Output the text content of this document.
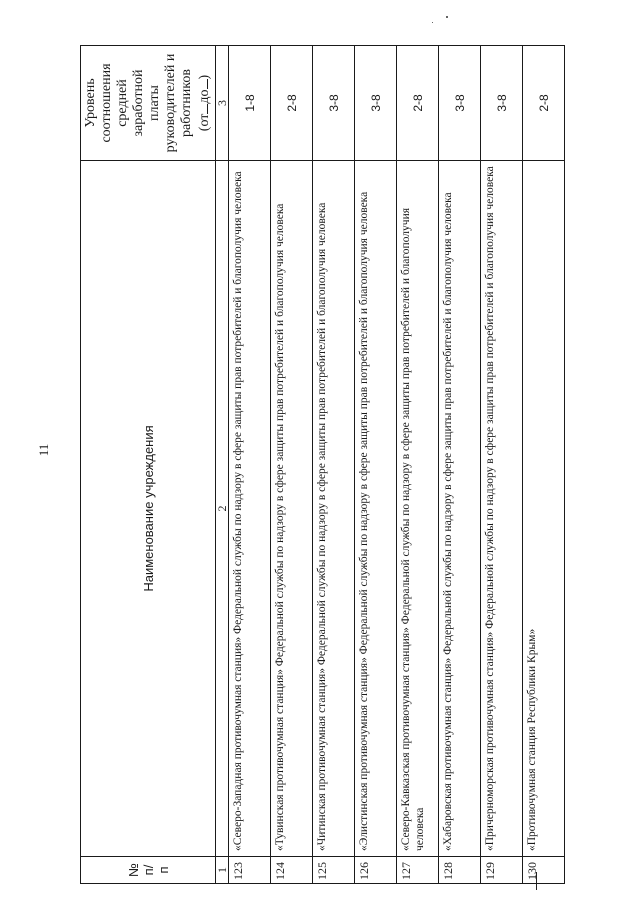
11
№
п/п	Наименование учреждения	Уровень соотношения средней заработной платы руководителей и работников (отдо)
1	2	3
123	«Северо-Западная противочумная станция» Федеральной службы по надзору в сфере защиты прав потребителей и благополучия человека	1-8
124	«Тувинская противочумная станция» Федеральной службы по надзору в сфере защиты прав потребителей и благополучия человека	2-8
125	«Читинская противочумная станция» Федеральной службы по надзору в сфере защиты прав потребителей и благополучия человека	3-8
126	«Элистинская противочумная станция» Федеральной службы по надзору в сфере защиты прав потребителей и благополучия человека	3-8
127	«Северо-Кавказская противочумная станция» Федеральной службы по надзору в сфере защиты прав потребителей и благополучия человека	2-8
128	«Хабаровская противочумная станция» Федеральной службы по надзору в сфере защиты прав потребителей и благополучия человека	3-8
129	«Причерноморская противочумная станция» Федеральной службы по надзору в сфере защиты прав потребителей и благополучия человека	3-8
130	«Противочумная станция Республики Крым»	2-8
